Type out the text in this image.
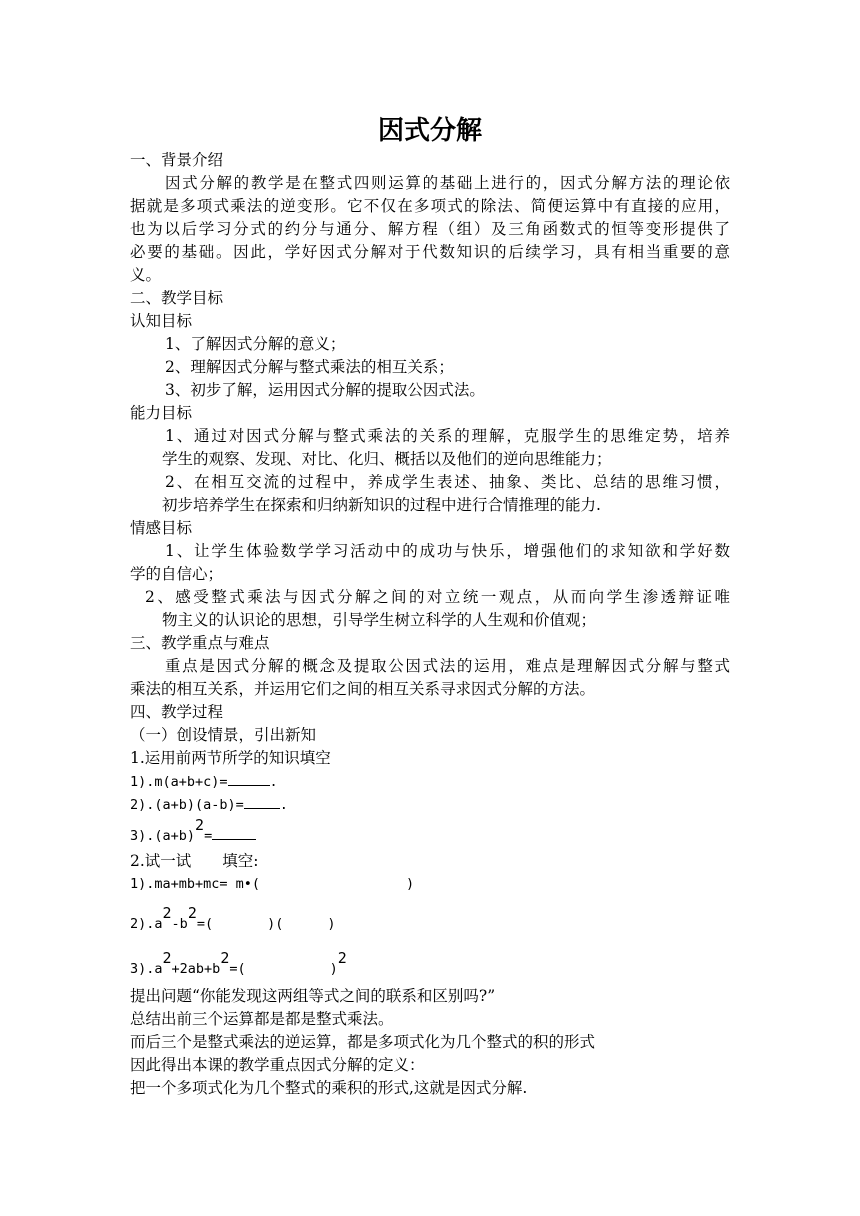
因式分解
一、背景介绍
因式分解的教学是在整式四则运算的基础上进行的，因式分解方法的理论依
据就是多项式乘法的逆变形。它不仅在多项式的除法、简便运算中有直接的应用，
也为以后学习分式的约分与通分、解方程（组）及三角函数式的恒等变形提供了
必要的基础。因此，学好因式分解对于代数知识的后续学习，具有相当重要的意
义。
二、教学目标
认知目标
1、了解因式分解的意义；
2、理解因式分解与整式乘法的相互关系；
3、初步了解，运用因式分解的提取公因式法。
能力目标
1、通过对因式分解与整式乘法的关系的理解，克服学生的思维定势，培养
学生的观察、发现、对比、化归、概括以及他们的逆向思维能力；
2、在相互交流的过程中，养成学生表述、抽象、类比、总结的思维习惯，
初步培养学生在探索和归纳新知识的过程中进行合情推理的能力.
情感目标
1、让学生体验数学学习活动中的成功与快乐，增强他们的求知欲和学好数
学的自信心；
2、感受整式乘法与因式分解之间的对立统一观点，从而向学生渗透辩证唯
物主义的认识论的思想，引导学生树立科学的人生观和价值观；
三、教学重点与难点
重点是因式分解的概念及提取公因式法的运用，难点是理解因式分解与整式
乘法的相互关系，并运用它们之间的相互关系寻求因式分解的方法。
四、教学过程
（一）创设情景，引出新知
1.运用前两节所学的知识填空
1).m(a+b+c)=	.
2).(a+b)(a-b)=	.
$3).(a+b)^2=$
2.试一试　　填空:
1).ma+mb+mc= m•(	)
$2).a^2-b^2=$(	)(	)
$3).a^2+2ab+b^2=$(	)$^2$
提出问题“你能发现这两组等式之间的联系和区别吗?”
总结出前三个运算都是都是整式乘法。
而后三个是整式乘法的逆运算，都是多项式化为几个整式的积的形式
因此得出本课的教学重点因式分解的定义：
把一个多项式化为几个整式的乘积的形式,这就是因式分解.
